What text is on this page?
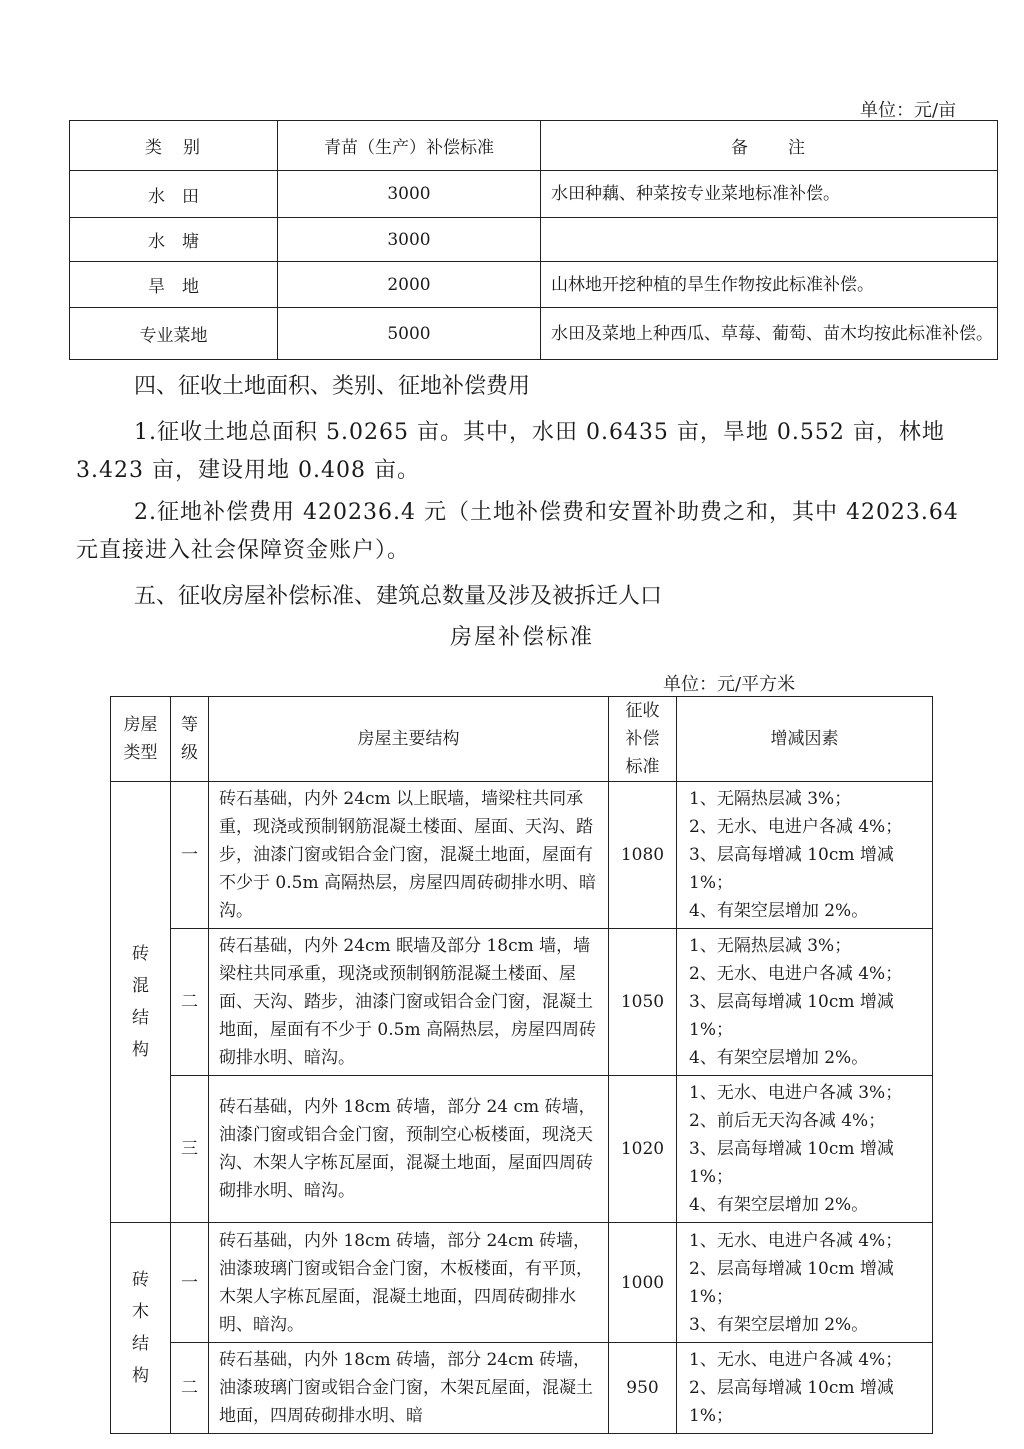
单位：元/亩
类　别	青苗（生产）补偿标准	备　　注
水　田	3000	水田种藕、种菜按专业菜地标准补偿。
水　塘	3000	
旱　地	2000	山林地开挖种植的旱生作物按此标准补偿。
专业菜地	5000	水田及菜地上种西瓜、草莓、葡萄、苗木均按此标准补偿。

四、征收土地面积、类别、征地补偿费用

1.征收土地总面积 5.0265 亩。其中，水田 0.6435 亩，旱地 0.552 亩，林地 3.423 亩，建设用地 0.408 亩。

2.征地补偿费用 420236.4 元（土地补偿费和安置补助费之和，其中 42023.64 元直接进入社会保障资金账户）。

五、征收房屋补偿标准、建筑总数量及涉及被拆迁人口

房屋补偿标准
单位：元/平方米
房屋类型	等级	房屋主要结构	征收补偿标准	增减因素
砖混结构	一	砖石基础，内外 24cm 以上眠墙，墙梁柱共同承重，现浇或预制钢筋混凝土楼面、屋面、天沟、踏步，油漆门窗或铝合金门窗，混凝土地面，屋面有不少于 0.5m 高隔热层，房屋四周砖砌排水明、暗沟。	1080	1、无隔热层减 3%；
2、无水、电进户各减 4%；
3、层高每增减 10cm 增减 1%；
4、有架空层增加 2%。

	二	砖石基础，内外 24cm 眠墙及部分 18cm 墙，墙梁柱共同承重，现浇或预制钢筋混凝土楼面、屋面、天沟、踏步，油漆门窗或铝合金门窗，混凝土地面，屋面有不少于 0.5m 高隔热层，房屋四周砖砌排水明、暗沟。	1050	1、无隔热层减 3%；
2、无水、电进户各减 4%；
3、层高每增减 10cm 增减 1%；
4、有架空层增加 2%。

	三	砖石基础，内外 18cm 砖墙，部分 24 cm 砖墙，油漆门窗或铝合金门窗，预制空心板楼面，现浇天沟、木架人字栋瓦屋面，混凝土地面，屋面四周砖砌排水明、暗沟。	1020	1、无水、电进户各减 3%；
2、前后无天沟各减 4%；
3、层高每增减 10cm 增减 1%；
4、有架空层增加 2%。

砖木结构	一	砖石基础，内外 18cm 砖墙，部分 24cm 砖墙，油漆玻璃门窗或铝合金门窗，木板楼面，有平顶，木架人字栋瓦屋面，混凝土地面，四周砖砌排水明、暗沟。	1000	1、无水、电进户各减 4%；
2、层高每增减 10cm 增减 1%；
3、有架空层增加 2%。

	二	砖石基础，内外 18cm 砖墙，部分 24cm 砖墙，油漆玻璃门窗或铝合金门窗，木架瓦屋面，混凝土地面，四周砖砌排水明、暗	950	1、无水、电进户各减 4%；
2、层高每增减 10cm 增减 1%；
